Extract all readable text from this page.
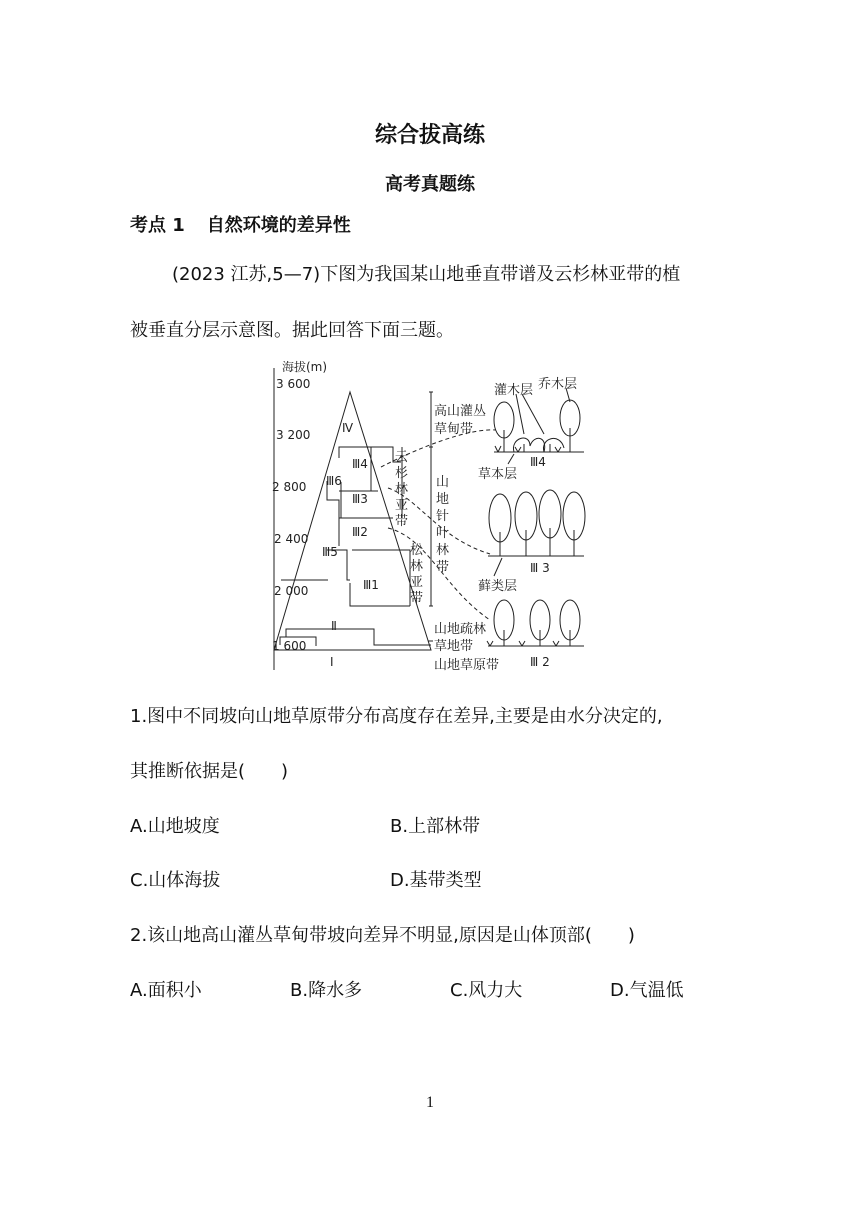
综合拔高练
高考真题练
考点 1 自然环境的差异性
(2023 江苏,5—7)下图为我国某山地垂直带谱及云杉林亚带的植
被垂直分层示意图。据此回答下面三题。
海拔(m)
3 600
3 200
2 800
2 400
2 000
1 600
Ⅳ
Ⅲ6
Ⅲ4
Ⅲ3
Ⅲ2
Ⅲ5
Ⅲ1
Ⅱ
Ⅰ
高山灌丛
草甸带
云
杉
林
亚
带
山
地
针
叶
林
带
松
林
亚
带
山地疏林
草地带
山地草原带
灌木层 乔木层
草本层
Ⅲ4
藓类层
Ⅲ 3
Ⅲ 2
1.图中不同坡向山地草原带分布高度存在差异,主要是由水分决定的,
其推断依据是(　　)
A.山地坡度	B.上部林带
C.山体海拔	D.基带类型
2.该山地高山灌丛草甸带坡向差异不明显,原因是山体顶部(　　)
A.面积小	B.降水多	C.风力大	D.气温低
1
